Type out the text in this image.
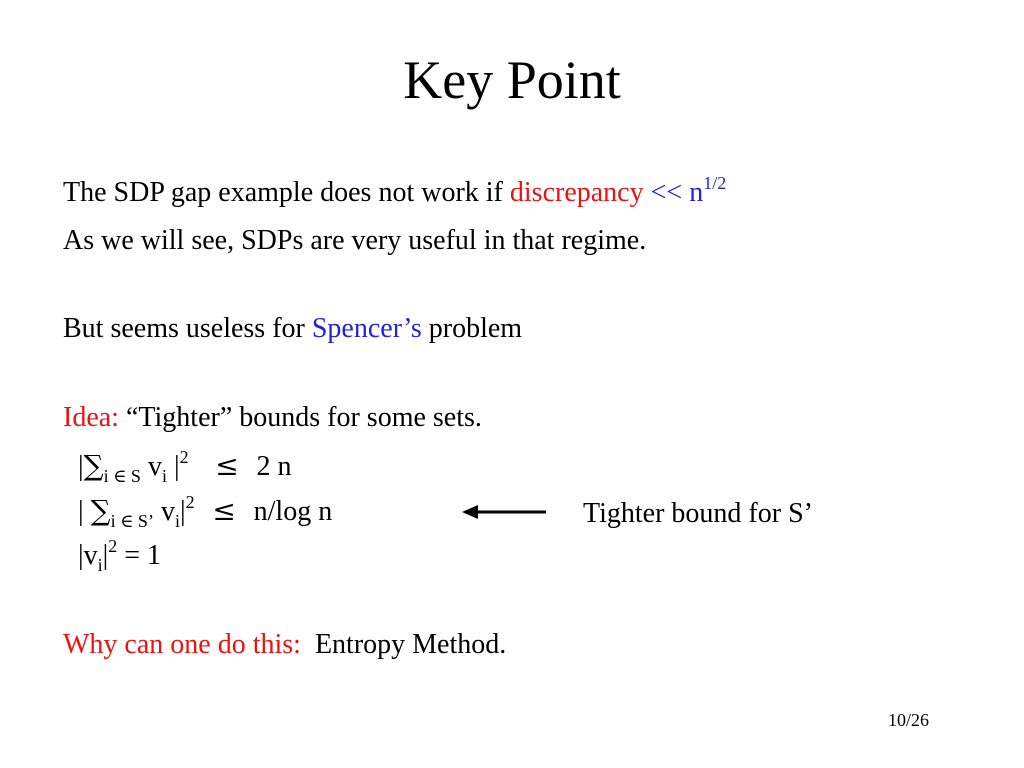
Key Point
The SDP gap example does not work if discrepancy << $n^{1/2}$
As we will see, SDPs are very useful in that regime.
But seems useless for Spencer’s problem
Idea: “Tighter” bounds for some sets.
$|\sum_{i \in S}$ $v_i$ $|^2 \le 2$ n
| $\sum_{i \in S’}$ $v_i|^2 \le n/\log$ n
$|v_i|^2 = 1$
Tighter bound for S’
Why can one do this:  Entropy Method.
10/26
